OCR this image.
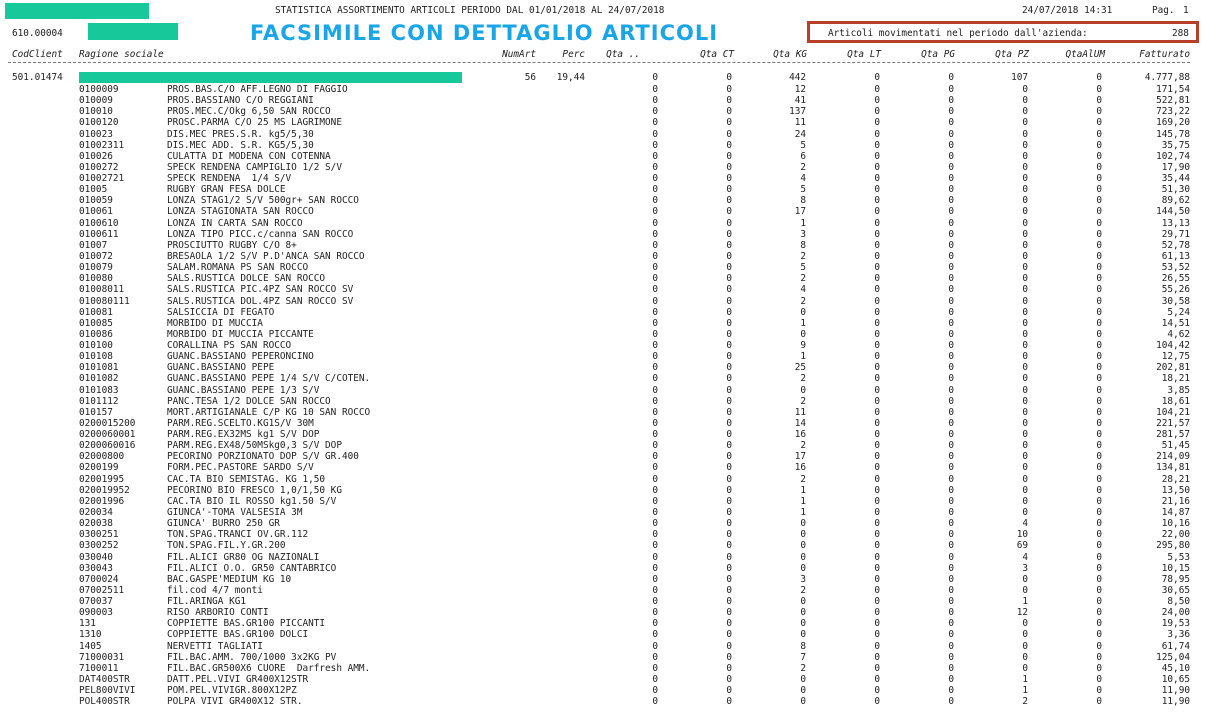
STATISTICA ASSORTIMENTO ARTICOLI PERIODO DAL 01/01/2018 AL 24/07/2018	24/07/2018 14:31	Pag. 1
610.00004	FACSIMILE CON DETTAGLIO ARTICOLI	Articoli movimentati nel periodo dall'azienda:	288
CodClient Ragione sociale	NumArt	Perc	Qta ..	Qta CT	Qta KG	Qta LT	Qta PG	Qta PZ	QtaAlUM	Fatturato
501.01474	56	19,44	0	0	442	0	0	107	0	4.777,88
0100009	PROS.BAS.C/O AFF.LEGNO DI FAGGIO	0	0	12	0	0	0	0	171,54
010009	PROS.BASSIANO C/O REGGIANI	0	0	41	0	0	0	0	522,81
010010	PROS.MEC.C/Okg 6,50 SAN ROCCO	0	0	137	0	0	0	0	723,22
0100120	PROSC.PARMA C/O 25 MS LAGRIMONE	0	0	11	0	0	0	0	169,20
010023	DIS.MEC PRES.S.R. kg5/5,30	0	0	24	0	0	0	0	145,78
01002311	DIS.MEC ADD. S.R. KG5/5,30	0	0	5	0	0	0	0	35,75
010026	CULATTA DI MODENA CON COTENNA	0	0	6	0	0	0	0	102,74
0100272	SPECK RENDENA CAMPIGLIO 1/2 S/V	0	0	2	0	0	0	0	17,90
01002721	SPECK RENDENA  1/4 S/V	0	0	4	0	0	0	0	35,44
01005	RUGBY GRAN FESA DOLCE	0	0	5	0	0	0	0	51,30
010059	LONZA STAG1/2 S/V 500gr+ SAN ROCCO	0	0	8	0	0	0	0	89,62
010061	LONZA STAGIONATA SAN ROCCO	0	0	17	0	0	0	0	144,50
0100610	LONZA IN CARTA SAN ROCCO	0	0	1	0	0	0	0	13,13
0100611	LONZA TIPO PICC.c/canna SAN ROCCO	0	0	3	0	0	0	0	29,71
01007	PROSCIUTTO RUGBY C/O 8+	0	0	8	0	0	0	0	52,78
010072	BRESAOLA 1/2 S/V P.D'ANCA SAN ROCCO	0	0	2	0	0	0	0	61,13
010079	SALAM.ROMANA PS SAN ROCCO	0	0	5	0	0	0	0	53,52
010080	SALS.RUSTICA DOLCE SAN ROCCO	0	0	2	0	0	0	0	26,55
01008011	SALS.RUSTICA PIC.4PZ SAN ROCCO SV	0	0	4	0	0	0	0	55,26
010080111	SALS.RUSTICA DOL.4PZ SAN ROCCO SV	0	0	2	0	0	0	0	30,58
010081	SALSICCIA DI FEGATO	0	0	0	0	0	0	0	5,24
010085	MORBIDO DI MUCCIA	0	0	1	0	0	0	0	14,51
010086	MORBIDO DI MUCCIA PICCANTE	0	0	0	0	0	0	0	4,62
010100	CORALLINA PS SAN ROCCO	0	0	9	0	0	0	0	104,42
010108	GUANC.BASSIANO PEPERONCINO	0	0	1	0	0	0	0	12,75
0101081	GUANC.BASSIANO PEPE	0	0	25	0	0	0	0	202,81
0101082	GUANC.BASSIANO PEPE 1/4 S/V C/COTEN.	0	0	2	0	0	0	0	18,21
0101083	GUANC.BASSIANO PEPE 1/3 S/V	0	0	0	0	0	0	0	3,85
0101112	PANC.TESA 1/2 DOLCE SAN ROCCO	0	0	2	0	0	0	0	18,61
010157	MORT.ARTIGIANALE C/P KG 10 SAN ROCCO	0	0	11	0	0	0	0	104,21
0200015200	PARM.REG.SCELTO.KG1S/V 30M	0	0	14	0	0	0	0	221,57
0200060001	PARM.REG.EX32MS kg1 S/V DOP	0	0	16	0	0	0	0	281,57
0200060016	PARM.REG.EX48/50MSkg0,3 S/V DOP	0	0	2	0	0	0	0	51,45
02000800	PECORINO PORZIONATO DOP S/V GR.400	0	0	17	0	0	0	0	214,09
0200199	FORM.PEC.PASTORE SARDO S/V	0	0	16	0	0	0	0	134,81
02001995	CAC.TA BIO SEMISTAG. KG 1,50	0	0	2	0	0	0	0	28,21
020019952	PECORINO BIO FRESCO 1,0/1,50 KG	0	0	1	0	0	0	0	13,50
02001996	CAC.TA BIO IL ROSSO kg1.50 S/V	0	0	1	0	0	0	0	21,16
020034	GIUNCA'-TOMA VALSESIA 3M	0	0	1	0	0	0	0	14,87
020038	GIUNCA' BURRO 250 GR	0	0	0	0	0	4	0	10,16
0300251	TON.SPAG.TRANCI OV.GR.112	0	0	0	0	0	10	0	22,00
0300252	TON.SPAG.FIL.Y.GR.200	0	0	0	0	0	69	0	295,80
030040	FIL.ALICI GR80 OG NAZIONALI	0	0	0	0	0	4	0	5,53
030043	FIL.ALICI O.O. GR50 CANTABRICO	0	0	0	0	0	3	0	10,15
0700024	BAC.GASPE'MEDIUM KG 10	0	0	3	0	0	0	0	78,95
07002511	fil.cod 4/7 monti	0	0	2	0	0	0	0	30,65
070037	FIL.ARINGA KG1	0	0	0	0	0	1	0	8,50
090003	RISO ARBORIO CONTI	0	0	0	0	0	12	0	24,00
131	COPPIETTE BAS.GR100 PICCANTI	0	0	0	0	0	0	0	19,53
1310	COPPIETTE BAS.GR100 DOLCI	0	0	0	0	0	0	0	3,36
1405	NERVETTI TAGLIATI	0	0	8	0	0	0	0	61,74
71000031	FIL.BAC.AMM. 700/1000 3x2KG PV	0	0	7	0	0	0	0	125,04
7100011	FIL.BAC.GR500X6 CUORE  Darfresh AMM.	0	0	2	0	0	0	0	45,10
DAT400STR	DATT.PEL.VIVI GR400X12STR	0	0	0	0	0	1	0	10,65
PEL800VIVI	POM.PEL.VIVIGR.800X12PZ	0	0	0	0	0	1	0	11,90
POL400STR	POLPA VIVI GR400X12 STR.	0	0	0	0	0	2	0	11,90
